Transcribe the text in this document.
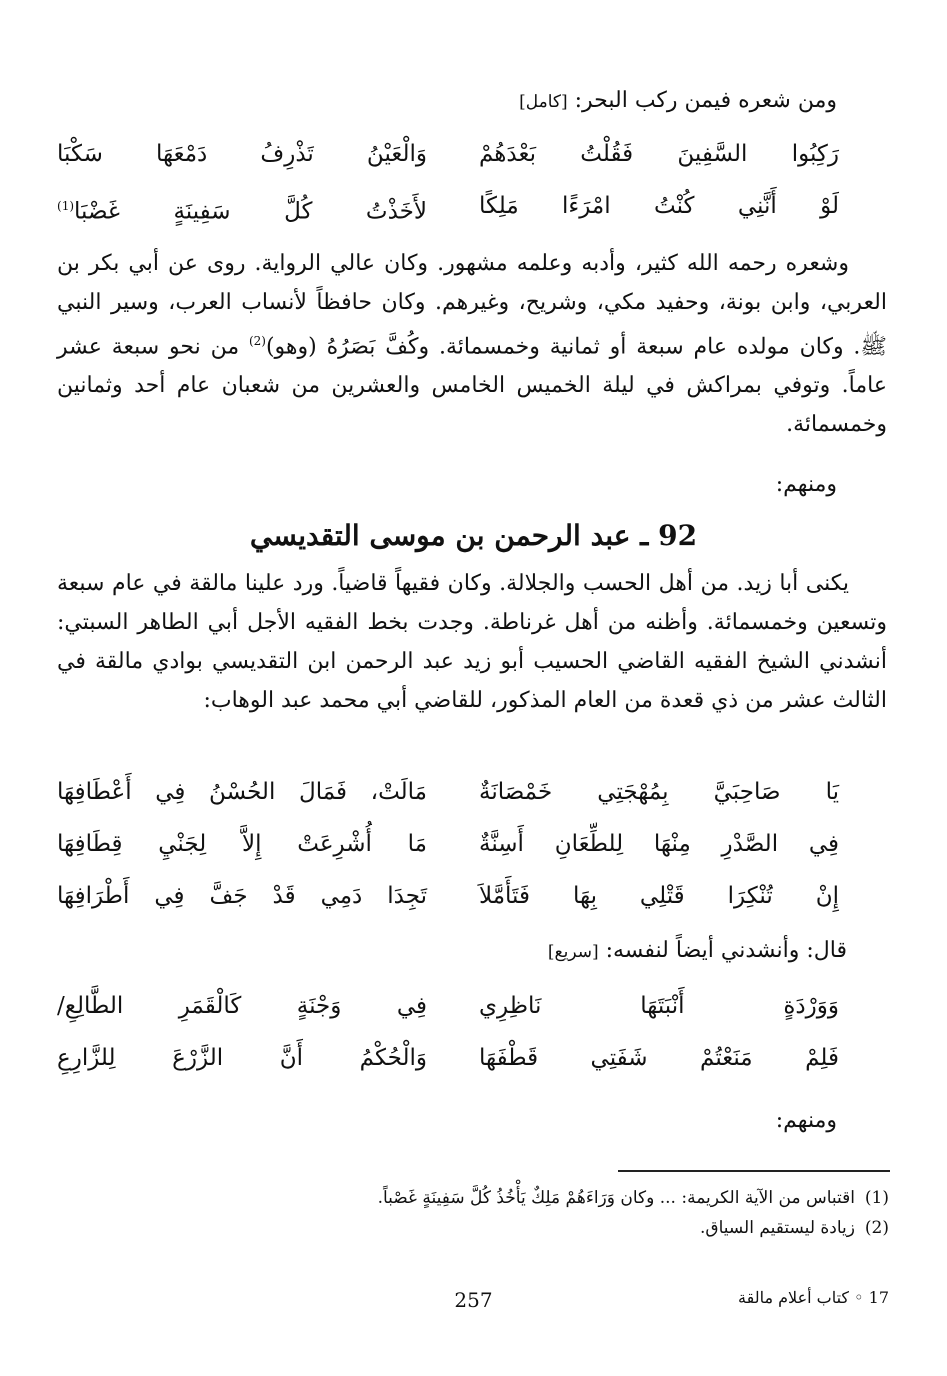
ومن شعره فيمن ركب البحر: [كامل]
رَكِبُوا السَّفِينَ فَقُلْتُ بَعْدَهُمْ
وَالْعَيْنُ تَذْرِفُ دَمْعَهَا سَكْبَا
لَوْ أَنَّنِي كُنْتُ امْرَءًا مَلِكًا
لأَخَذْتُ كُلَّ سَفِينَةٍ غَضْبَا$^{(1)}$

وشعره رحمه الله كثير، وأدبه وعلمه مشهور. وكان عالي الرواية. روى عن أبي بكر بن العربي، وابن بونة، وحفيد مكي، وشريح، وغيرهم. وكان حافظاً لأنساب العرب، وسير النبي ﷺ. وكان مولده عام سبعة أو ثمانية وخمسمائة. وكُفَّ بَصَرُهُ (وهو)$^{(2)}$ من نحو سبعة عشر عاماً. وتوفي بمراكش في ليلة الخميس الخامس والعشرين من شعبان عام أحد وثمانين وخمسمائة.

ومنهم:
92 ـ عبد الرحمن بن موسى التقديسي

يكنى أبا زيد. من أهل الحسب والجلالة. وكان فقيهاً قاضياً. ورد علينا مالقة في عام سبعة وتسعين وخمسمائة. وأظنه من أهل غرناطة. وجدت بخط الفقيه الأجل أبي الطاهر السبتي: أنشدني الشيخ الفقيه القاضي الحسيب أبو زيد عبد الرحمن ابن التقديسي بوادي مالقة في الثالث عشر من ذي قعدة من العام المذكور، للقاضي أبي محمد عبد الوهاب:

يَا صَاحِبَيَّ بِمُهْجَتِي خَمْصَانَةٌ
مَالَتْ، فَمَالَ الحُسْنُ فِي أَعْطَافِهَا
فِي الصَّدْرِ مِنْهَا لِلطِّعَانِ أَسِنَّةٌ
مَا أُشْرِعَتْ إِلاَّ لِجَنْيِ قِطَافِهَا
إِنْ تُنْكِرَا قَتْلِي بِهَا فَتَأَمَّلاَ
تَجِدَا دَمِي قَدْ جَفَّ فِي أَطْرَافِهَا
قال: وأنشدني أيضاً لنفسه: [سريع]
وَوَرْدَةٍ أَنْبَتَهَا نَاظِرِي
فِي وَجْنَةٍ كَالْقَمَرِ الطَّالِعِ/
فَلِمْ مَنَعْتُمْ شَفَتِي قَطْفَهَا
وَالْحُكْمُ أَنَّ الزَّرْعَ لِلزَّارِعِ
ومنهم:
(1)اقتباس من الآية الكريمة: ... وكان وَرَاءَهُمْ مَلِكٌ يَأْخُذُ كُلَّ سَفِينَةٍ غَصْباً.
(2)زيادة ليستقيم السياق.
257	17 ◦ كتاب أعلام مالقة
